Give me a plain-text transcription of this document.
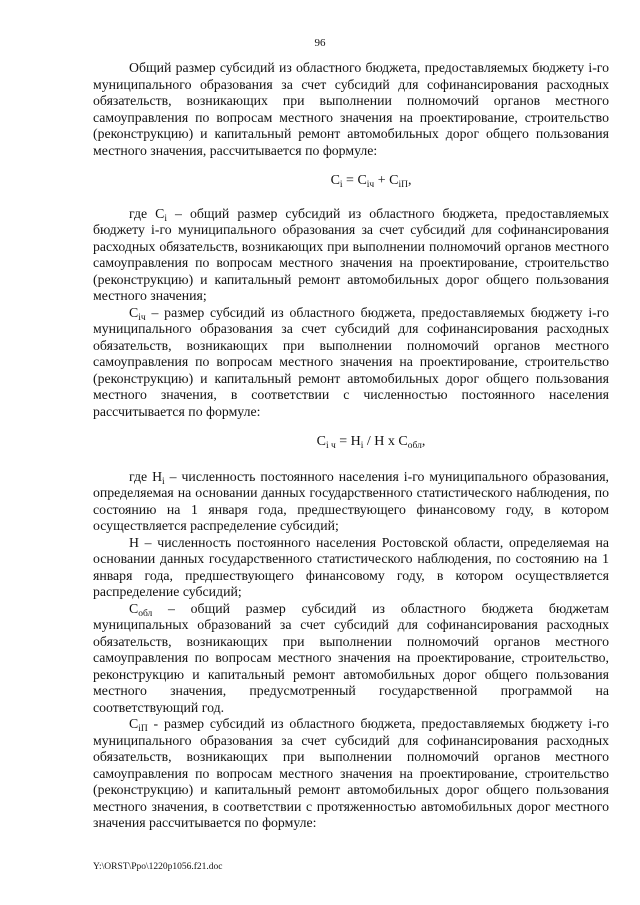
96

Общий размер субсидий из областного бюджета, предоставляемых бюджету i-го муниципального образования за счет субсидий для софинансирования расходных обязательств, возникающих при выполнении полномочий органов местного самоуправления по вопросам местного значения на проектирование, строительство (реконструкцию) и капитальный ремонт автомобильных дорог общего пользования местного значения, рассчитывается по формуле:

$C_i = C_{iч} + C_{iП}$,

где $C_i$ – общий размер субсидий из областного бюджета, предоставляемых бюджету i-го муниципального образования за счет субсидий для софинансирования расходных обязательств, возникающих при выполнении полномочий органов местного самоуправления по вопросам местного значения на проектирование, строительство (реконструкцию) и капитальный ремонт автомобильных дорог общего пользования местного значения;

$C_{iч}$ – размер субсидий из областного бюджета, предоставляемых бюджету i-го муниципального образования за счет субсидий для софинансирования расходных обязательств, возникающих при выполнении полномочий органов местного самоуправления по вопросам местного значения на проектирование, строительство (реконструкцию) и капитальный ремонт автомобильных дорог общего пользования местного значения, в соответствии с численностью постоянного населения рассчитывается по формуле:

$C_{i ч} = H_i / H$ x $C_{обл}$,

где $H_i$ – численность постоянного населения i-го муниципального образования, определяемая на основании данных государственного статистического наблюдения, по состоянию на 1 января года, предшествующего финансовому году, в котором осуществляется распределение субсидий;

H – численность постоянного населения Ростовской области, определяемая на основании данных государственного статистического наблюдения, по состоянию на 1 января года, предшествующего финансовому году, в котором осуществляется распределение субсидий;

$C_{обл}$ – общий размер субсидий из областного бюджета бюджетам муниципальных образований за счет субсидий для софинансирования расходных обязательств, возникающих при выполнении полномочий органов местного самоуправления по вопросам местного значения на проектирование, строительство, реконструкцию и капитальный ремонт автомобильных дорог общего пользования местного значения, предусмотренный государственной программой на соответствующий год.

$C_{iП}$ - размер субсидий из областного бюджета, предоставляемых бюджету i-го муниципального образования за счет субсидий для софинансирования расходных обязательств, возникающих при выполнении полномочий органов местного самоуправления по вопросам местного значения на проектирование, строительство (реконструкцию) и капитальный ремонт автомобильных дорог общего пользования местного значения, в соответствии с протяженностью автомобильных дорог местного значения рассчитывается по формуле:

Y:\ORST\Ppo\1220p1056.f21.doc
